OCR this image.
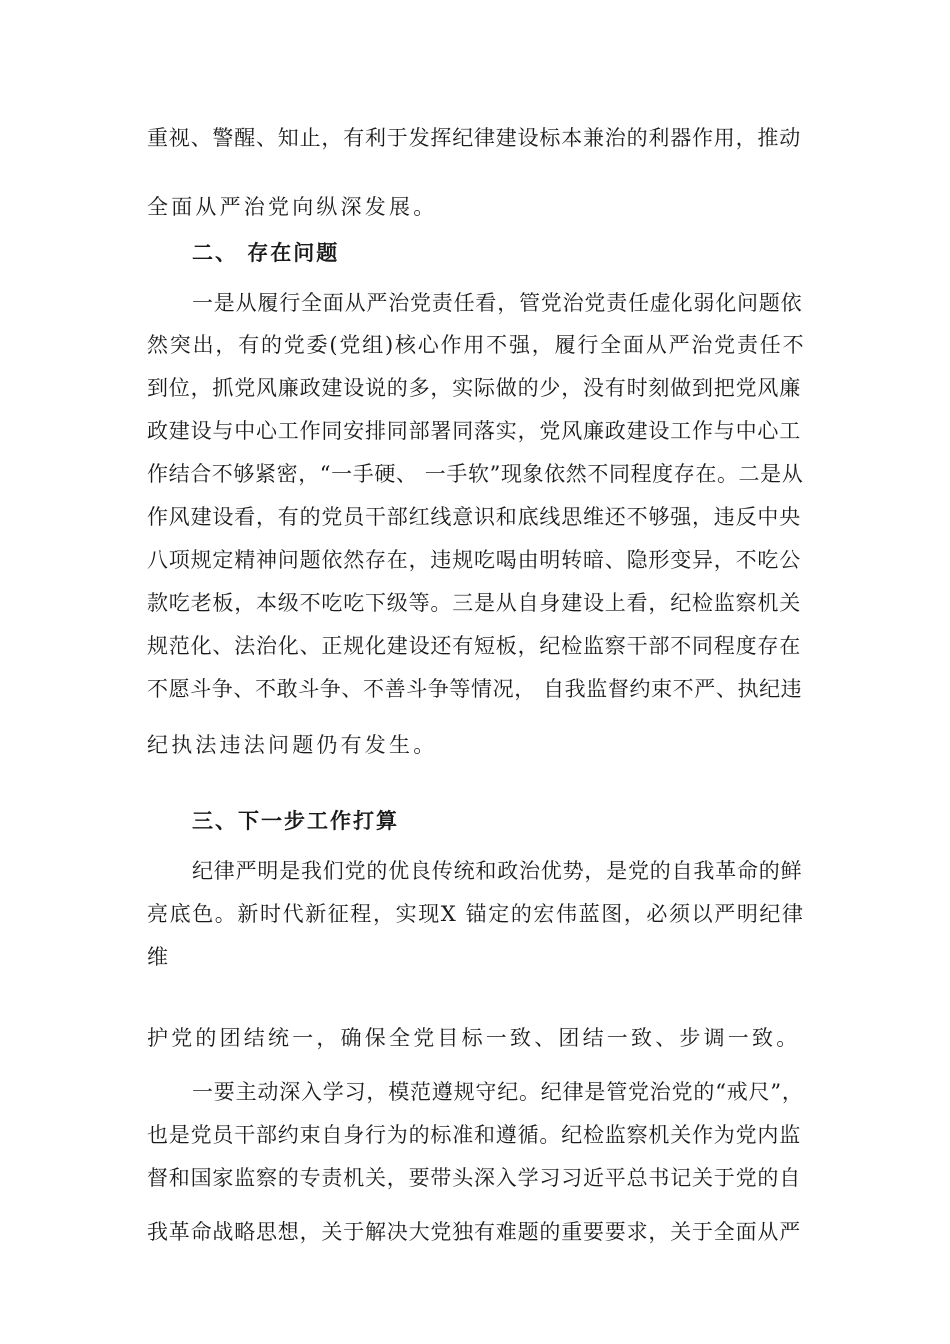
重视、警醒、知止，有利于发挥纪律建设标本兼治的利器作用，推动
全面从严治党向纵深发展。
二、 存在问题
一是从履行全面从严治党责任看，管党治党责任虚化弱化问题依
然突出，有的党委(党组)核心作用不强，履行全面从严治党责任不
到位，抓党风廉政建设说的多，实际做的少，没有时刻做到把党风廉
政建设与中心工作同安排同部署同落实，党风廉政建设工作与中心工
作结合不够紧密，“一手硬、 一手软”现象依然不同程度存在。二是从
作风建设看，有的党员干部红线意识和底线思维还不够强，违反中央
八项规定精神问题依然存在，违规吃喝由明转暗、隐形变异，不吃公
款吃老板，本级不吃吃下级等。三是从自身建设上看，纪检监察机关
规范化、法治化、正规化建设还有短板，纪检监察干部不同程度存在
不愿斗争、不敢斗争、不善斗争等情况， 自我监督约束不严、执纪违
纪执法违法问题仍有发生。
三、下一步工作打算
纪律严明是我们党的优良传统和政治优势，是党的自我革命的鲜
亮底色。新时代新征程，实现X 锚定的宏伟蓝图，必须以严明纪律
维
护党的团结统一，确保全党目标一致、团结一致、步调一致。
一要主动深入学习，模范遵规守纪。纪律是管党治党的“戒尺”，
也是党员干部约束自身行为的标准和遵循。纪检监察机关作为党内监
督和国家监察的专责机关，要带头深入学习习近平总书记关于党的自
我革命战略思想，关于解决大党独有难题的重要要求，关于全面从严
